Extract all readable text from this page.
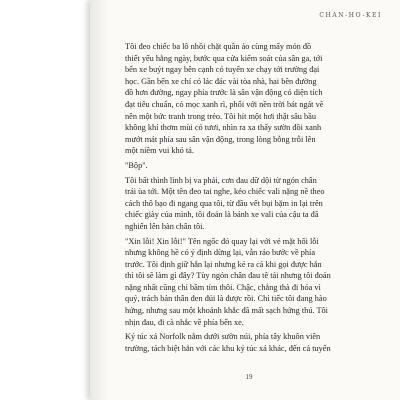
CHAN-HO-KEI

Tôi đeo chiếc ba lô nhồi chặt quần áo cùng mấy món đồ
thiết yếu hằng ngày, bước qua cửa kiểm soát của sân ga, tới
bến xe buýt ngay bên cạnh có tuyến xe chạy tới trường đại
học. Gần bến xe chỉ có lác đác vài tòa nhà, hai bên đường
đồ hơn đường, ngay phía trước là sân vận động có diện tích
đạt tiêu chuẩn, cỏ mọc xanh rì, phối với nền trời bát ngát vẽ
nên một bức tranh trong trẻo. Tôi hít một hơi thật sâu bầu
không khí thơm mùi cỏ tươi, nhìn ra xa thấy sườn đồi xanh
mướt mát phía sau sân vận động, trong lòng bỗng trỗi lên
một niềm vui khó tả.

"Bộp".

Tôi bất thình lình bị va phải, cơn đau dữ dội từ ngón chân
trái ùa tới. Một tên đeo tai nghe, kéo chiếc vali nặng nề theo
cách thô bạo đi ngang qua tôi, từ đầu vết bụi bặm in lại trên
chiếc giày của mình, tôi đoán là bánh xe vali của cậu ta đã
nghiến lên bàn chân tôi.

"Xin lỗi! Xin lỗi!" Tên ngốc đó quay lại với vẻ mặt hối lỗi
nhưng không hề có ý định dừng lại, vẫn rảo bước về phía
trước. Tôi định giữ hắn lại nhưng kẻ ra cả khi gọi được hắn
thì tôi sẽ làm gì đây? Tùy ngón chân đau tê tái nhưng tôi đoán
nặng nhất cũng chỉ bầm tím thôi. Chậc, chẳng thà đi hóa vì
quý, trách bản thân đen đủi là được rồi. Chỉ tiếc tôi đang hào
hứng, nhưng sau một khoảnh khắc đã mất sạch hứng thú. Tôi
nhịn đau, đi cà nhắc về phía bến xe.

Ký túc xá Norfolk nằm dưới sườn núi, phía tây khuôn viên
trường, tách biệt hẳn với các khu ký túc xá khác, đến cả tuyến

19
